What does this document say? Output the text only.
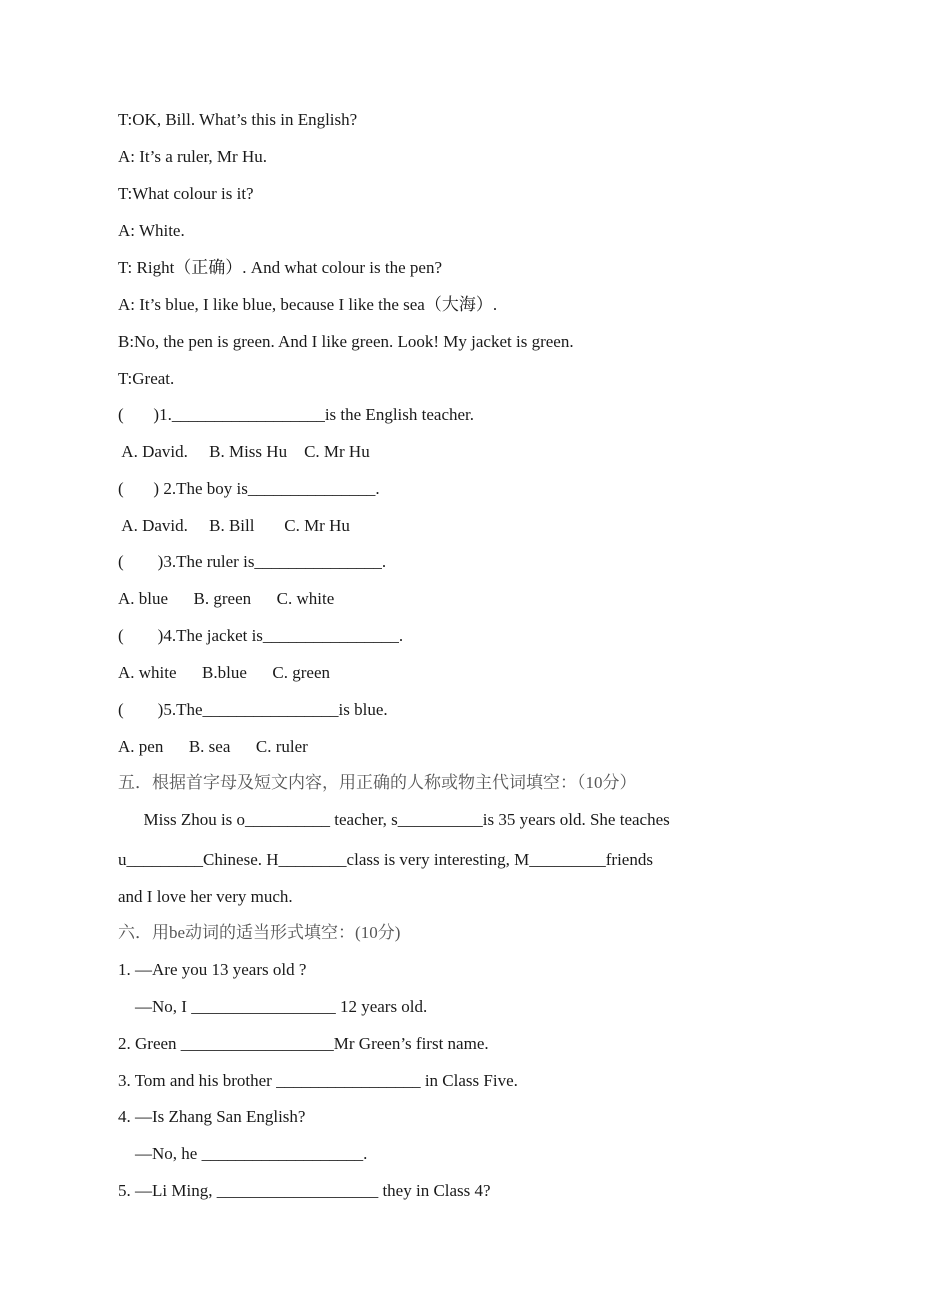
T:OK, Bill. What’s this in English?
A: It’s a ruler, Mr Hu.
T:What colour is it?
A: White.
T: Right（正确）. And what colour is the pen?
A: It’s blue, I like blue, because I like the sea（大海）.
B:No, the pen is green. And I like green. Look! My jacket is green.
T:Great.
(       )1.__________________is the English teacher.
A. David.     B. Miss Hu    C. Mr Hu
(       ) 2.The boy is_______________.
A. David.     B. Bill       C. Mr Hu
(        )3.The ruler is_______________.
A. blue      B. green      C. white
(        )4.The jacket is________________.
A. white      B.blue      C. green
(        )5.The________________is blue.
A. pen      B. sea      C. ruler
五．根据首字母及短文内容，用正确的人称或物主代词填空：（10分）
Miss Zhou is o__________ teacher, s__________is 35 years old. She teaches
u_________Chinese. H________class is very interesting, M_________friends
and I love her very much.
六．用be动词的适当形式填空：(10分)
1. —Are you 13 years old ?
—No, I _________________ 12 years old.
2. Green __________________Mr Green’s first name.
3. Tom and his brother _________________ in Class Five.
4. —Is Zhang San English?
—No, he ___________________.
5. —Li Ming, ___________________ they in Class 4?
